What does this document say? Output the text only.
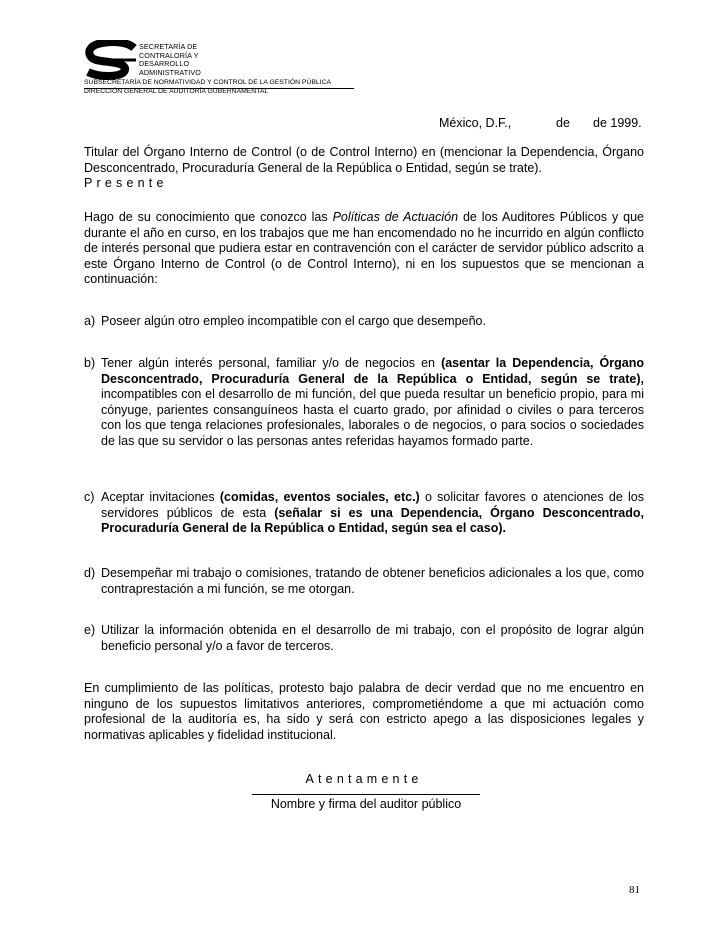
SECRETARÍA DE
CONTRALORÍA Y
DESARROLLO
ADMINISTRATIVO
SUBSECRETARÍA DE NORMATIVIDAD Y CONTROL DE LA GESTIÓN PÚBLICA
DIRECCIÓN GENERAL DE AUDITORÍA GUBERNAMENTAL
México, D.F.,	de de 1999.
Titular del Órgano Interno de Control (o de Control Interno) en (mencionar la Dependencia, Órgano Desconcentrado, Procuraduría General de la República o Entidad, según se trate).
Presente
Hago de su conocimiento que conozco las Políticas de Actuación de los Auditores Públicos y que durante el año en curso, en los trabajos que me han encomendado no he incurrido en algún conflicto de interés personal que pudiera estar en contravención con el carácter de servidor público adscrito a este Órgano Interno de Control (o de Control Interno), ni en los supuestos que se mencionan a continuación:
a) Poseer algún otro empleo incompatible con el cargo que desempeño.
b) Tener algún interés personal, familiar y/o de negocios en (asentar la Dependencia, Órgano Desconcentrado, Procuraduría General de la República o Entidad, según se trate), incompatibles con el desarrollo de mi función, del que pueda resultar un beneficio propio, para mi cónyuge, parientes consanguíneos hasta el cuarto grado, por afinidad o civiles o para terceros con los que tenga relaciones profesionales, laborales o de negocios, o para socios o sociedades de las que su servidor o las personas antes referidas hayamos formado parte.
c) Aceptar invitaciones (comidas, eventos sociales, etc.) o solicitar favores o atenciones de los servidores públicos de esta (señalar si es una Dependencia, Órgano Desconcentrado, Procuraduría General de la República o Entidad, según sea el caso).
d) Desempeñar mi trabajo o comisiones, tratando de obtener beneficios adicionales a los que, como contraprestación a mi función, se me otorgan.
e) Utilizar la información obtenida en el desarrollo de mi trabajo, con el propósito de lograr algún beneficio personal y/o a favor de terceros.
En cumplimiento de las políticas, protesto bajo palabra de decir verdad que no me encuentro en ninguno de los supuestos limitativos anteriores, comprometiéndome a que mi actuación como profesional de la auditoría es, ha sido y será con estricto apego a las disposiciones legales y normativas aplicables y fidelidad institucional.
Atentamente
Nombre y firma del auditor público
81
